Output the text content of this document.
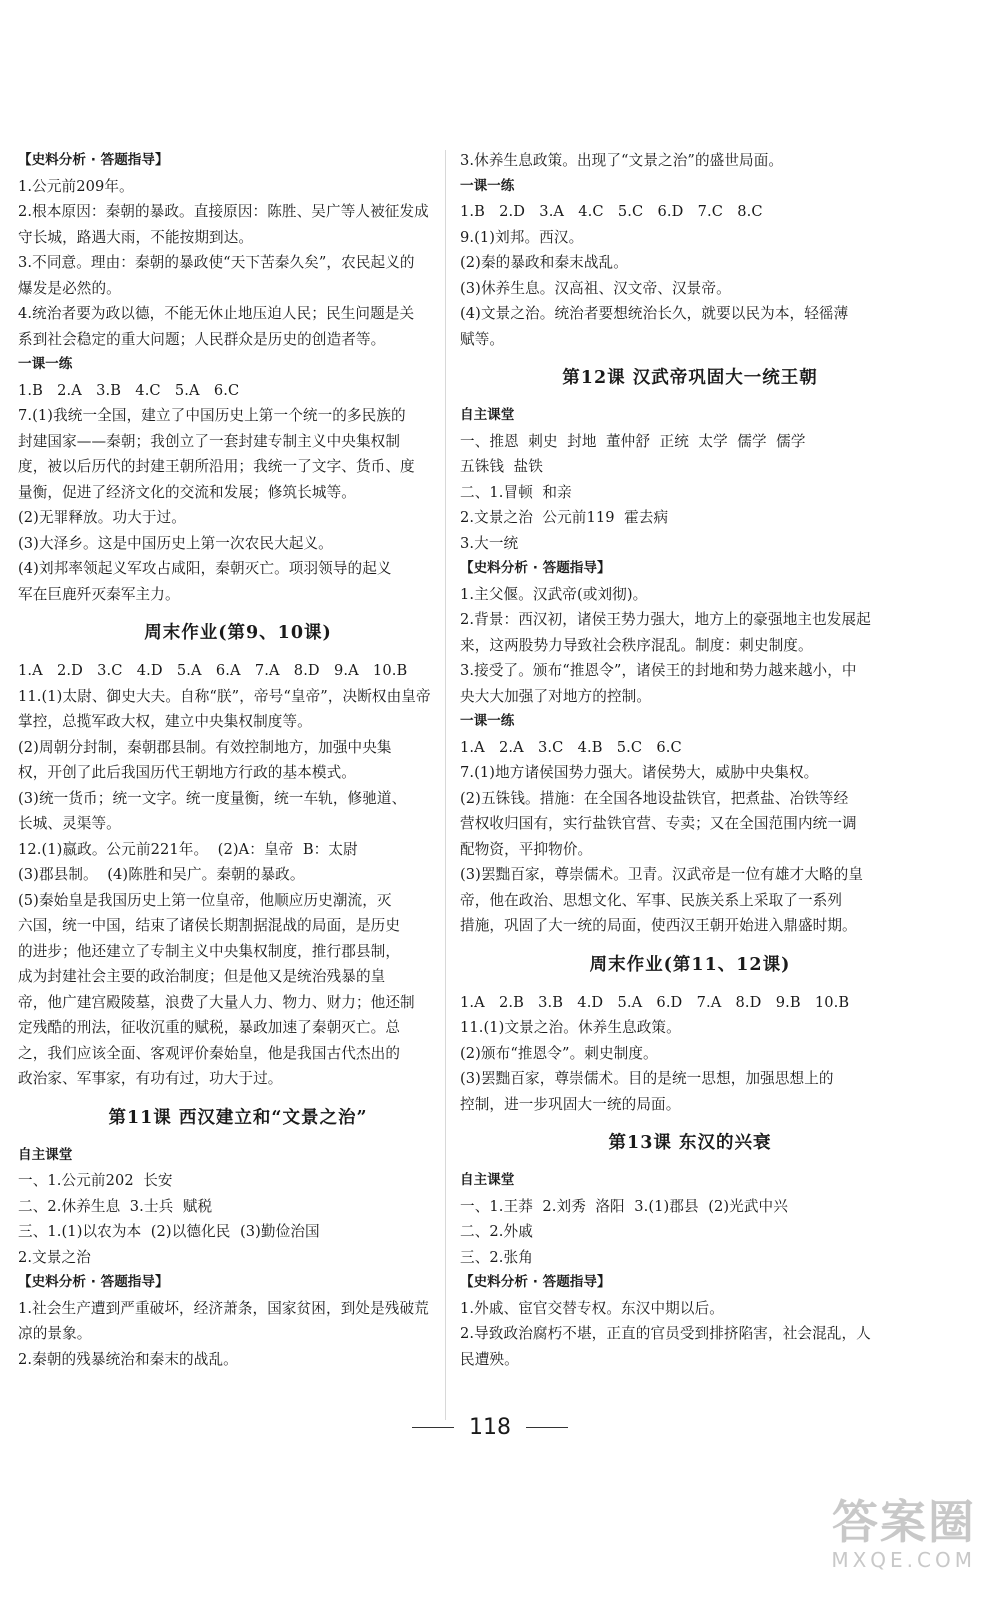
【史料分析 · 答题指导】
1.公元前209年。
2.根本原因：秦朝的暴政。直接原因：陈胜、吴广等人被征发成
守长城，路遇大雨，不能按期到达。
3.不同意。理由：秦朝的暴政使“天下苦秦久矣”，农民起义的
爆发是必然的。
4.统治者要为政以德，不能无休止地压迫人民；民生问题是关
系到社会稳定的重大问题；人民群众是历史的创造者等。
一课一练
1.B   2.A   3.B   4.C   5.A   6.C
7.(1)我统一全国，建立了中国历史上第一个统一的多民族的
封建国家——秦朝；我创立了一套封建专制主义中央集权制
度，被以后历代的封建王朝所沿用；我统一了文字、货币、度
量衡，促进了经济文化的交流和发展；修筑长城等。
(2)无罪释放。功大于过。
(3)大泽乡。这是中国历史上第一次农民大起义。
(4)刘邦率领起义军攻占咸阳，秦朝灭亡。项羽领导的起义
军在巨鹿歼灭秦军主力。
周末作业(第9、10课)
1.A   2.D   3.C   4.D   5.A   6.A   7.A   8.D   9.A   10.B
11.(1)太尉、御史大夫。自称“朕”，帝号“皇帝”，决断权由皇帝
掌控，总揽军政大权，建立中央集权制度等。
(2)周朝分封制，秦朝郡县制。有效控制地方，加强中央集
权，开创了此后我国历代王朝地方行政的基本模式。
(3)统一货币；统一文字。统一度量衡，统一车轨，修驰道、
长城、灵渠等。
12.(1)嬴政。公元前221年。  (2)A：皇帝  B：太尉
(3)郡县制。  (4)陈胜和吴广。秦朝的暴政。
(5)秦始皇是我国历史上第一位皇帝，他顺应历史潮流，灭
六国，统一中国，结束了诸侯长期割据混战的局面，是历史
的进步；他还建立了专制主义中央集权制度，推行郡县制，
成为封建社会主要的政治制度；但是他又是统治残暴的皇
帝，他广建宫殿陵墓，浪费了大量人力、物力、财力；他还制
定残酷的刑法，征收沉重的赋税，暴政加速了秦朝灭亡。总
之，我们应该全面、客观评价秦始皇，他是我国古代杰出的
政治家、军事家，有功有过，功大于过。
第11课 西汉建立和“文景之治”
自主课堂
一、1.公元前202  长安
二、2.休养生息  3.士兵  赋税
三、1.(1)以农为本  (2)以德化民  (3)勤俭治国
2.文景之治
【史料分析 · 答题指导】
1.社会生产遭到严重破坏，经济萧条，国家贫困，到处是残破荒
凉的景象。
2.秦朝的残暴统治和秦末的战乱。
3.休养生息政策。出现了“文景之治”的盛世局面。
一课一练
1.B   2.D   3.A   4.C   5.C   6.D   7.C   8.C
9.(1)刘邦。西汉。
(2)秦的暴政和秦末战乱。
(3)休养生息。汉高祖、汉文帝、汉景帝。
(4)文景之治。统治者要想统治长久，就要以民为本，轻徭薄
赋等。
第12课 汉武帝巩固大一统王朝
自主课堂
一、推恩  刺史  封地  董仲舒  正统  太学  儒学  儒学
五铢钱  盐铁
二、1.冒顿  和亲
2.文景之治  公元前119  霍去病
3.大一统
【史料分析 · 答题指导】
1.主父偃。汉武帝(或刘彻)。
2.背景：西汉初，诸侯王势力强大，地方上的豪强地主也发展起
来，这两股势力导致社会秩序混乱。制度：刺史制度。
3.接受了。颁布“推恩令”，诸侯王的封地和势力越来越小，中
央大大加强了对地方的控制。
一课一练
1.A   2.A   3.C   4.B   5.C   6.C
7.(1)地方诸侯国势力强大。诸侯势大，威胁中央集权。
(2)五铢钱。措施：在全国各地设盐铁官，把煮盐、冶铁等经
营权收归国有，实行盐铁官营、专卖；又在全国范围内统一调
配物资，平抑物价。
(3)罢黜百家，尊崇儒术。卫青。汉武帝是一位有雄才大略的皇
帝，他在政治、思想文化、军事、民族关系上采取了一系列
措施，巩固了大一统的局面，使西汉王朝开始进入鼎盛时期。
周末作业(第11、12课)
1.A   2.B   3.B   4.D   5.A   6.D   7.A   8.D   9.B   10.B
11.(1)文景之治。休养生息政策。
(2)颁布“推恩令”。刺史制度。
(3)罢黜百家，尊崇儒术。目的是统一思想，加强思想上的
控制，进一步巩固大一统的局面。
第13课 东汉的兴衰
自主课堂
一、1.王莽  2.刘秀  洛阳  3.(1)郡县  (2)光武中兴
二、2.外戚
三、2.张角
【史料分析 · 答题指导】
1.外戚、宦官交替专权。东汉中期以后。
2.导致政治腐朽不堪，正直的官员受到排挤陷害，社会混乱，人
民遭殃。
118
答案圈
MXQE.COM
